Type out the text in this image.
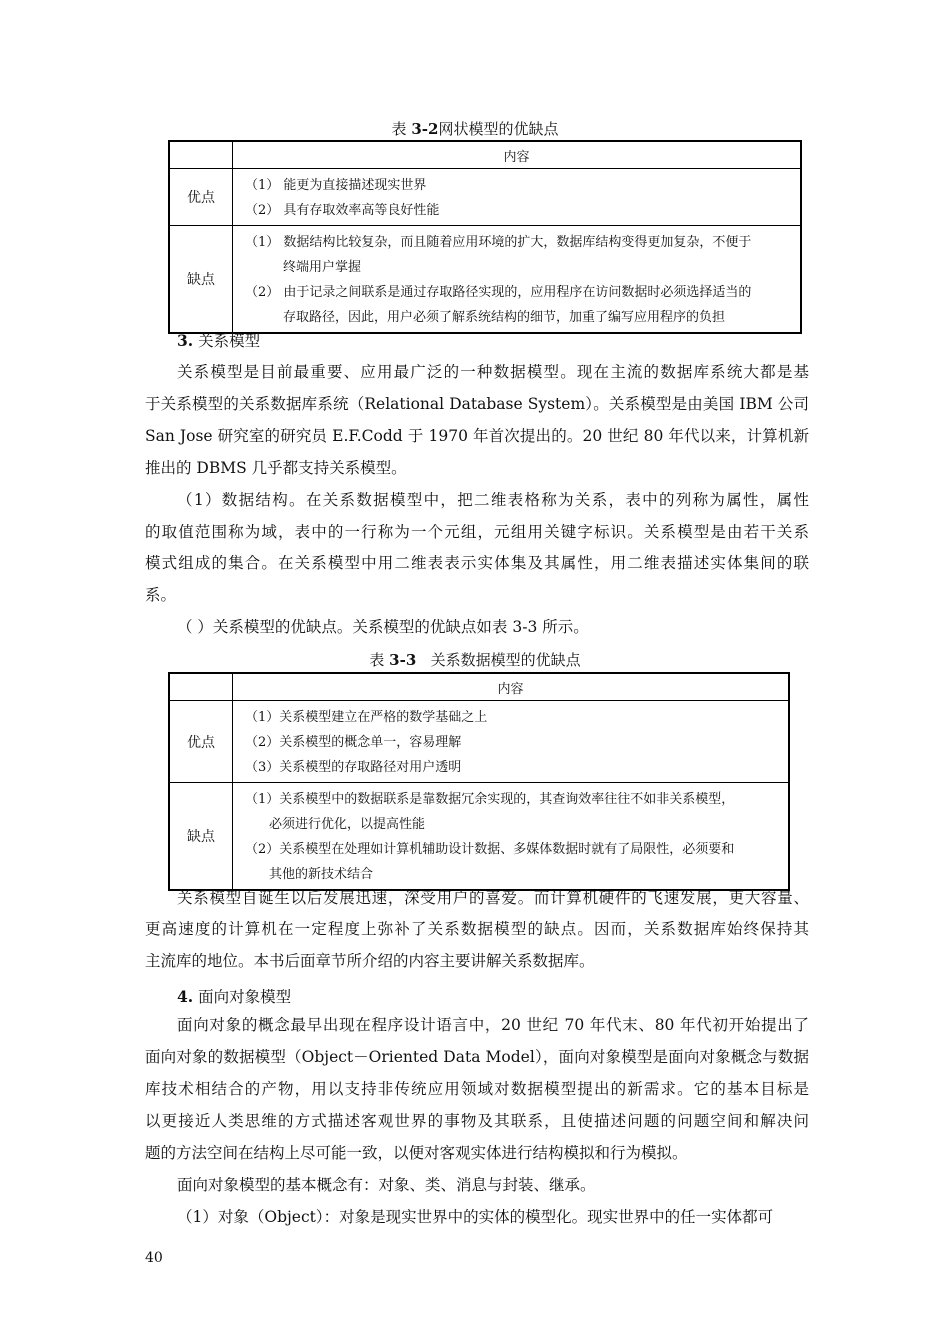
表 3-2网状模型的优缺点
	内容
优点	（1） 能更为直接描述现实世界
（2） 具有存取效率高等良好性能

缺点	（1） 数据结构比较复杂，而且随着应用环境的扩大，数据库结构变得更加复杂，不便于
终端用户掌握
（2） 由于记录之间联系是通过存取路径实现的，应用程序在访问数据时必须选择适当的
存取路径，因此，用户必须了解系统结构的细节，加重了编写应用程序的负担
3. 关系模型
关系模型是目前最重要、应用最广泛的一种数据模型。现在主流的数据库系统大都是基
于关系模型的关系数据库系统（Relational Database System）。关系模型是由美国 IBM 公司
San Jose 研究室的研究员 E.F.Codd 于 1970 年首次提出的。20 世纪 80 年代以来，计算机新
推出的 DBMS 几乎都支持关系模型。
（1）数据结构。在关系数据模型中，把二维表格称为关系，表中的列称为属性，属性
的取值范围称为域，表中的一行称为一个元组，元组用关键字标识。关系模型是由若干关系
模式组成的集合。在关系模型中用二维表表示实体集及其属性，用二维表描述实体集间的联
系。
（ ）关系模型的优缺点。关系模型的优缺点如表 3-3 所示。
表 3-3 关系数据模型的优缺点
	内容
优点	（1）关系模型建立在严格的数学基础之上
（2）关系模型的概念单一，容易理解
（3）关系模型的存取路径对用户透明

缺点	（1）关系模型中的数据联系是靠数据冗余实现的，其查询效率往往不如非关系模型，
必须进行优化，以提高性能
（2）关系模型在处理如计算机辅助设计数据、多媒体数据时就有了局限性，必须要和
其他的新技术结合
关系模型自诞生以后发展迅速，深受用户的喜爱。而计算机硬件的飞速发展，更大容量、
更高速度的计算机在一定程度上弥补了关系数据模型的缺点。因而，关系数据库始终保持其
主流库的地位。本书后面章节所介绍的内容主要讲解关系数据库。
4. 面向对象模型
面向对象的概念最早出现在程序设计语言中，20 世纪 70 年代末、80 年代初开始提出了
面向对象的数据模型（Object－Oriented Data Model），面向对象模型是面向对象概念与数据
库技术相结合的产物，用以支持非传统应用领域对数据模型提出的新需求。它的基本目标是
以更接近人类思维的方式描述客观世界的事物及其联系，且使描述问题的问题空间和解决问
题的方法空间在结构上尽可能一致，以便对客观实体进行结构模拟和行为模拟。
面向对象模型的基本概念有：对象、类、消息与封装、继承。
（1）对象（Object）：对象是现实世界中的实体的模型化。现实世界中的任一实体都可
40
